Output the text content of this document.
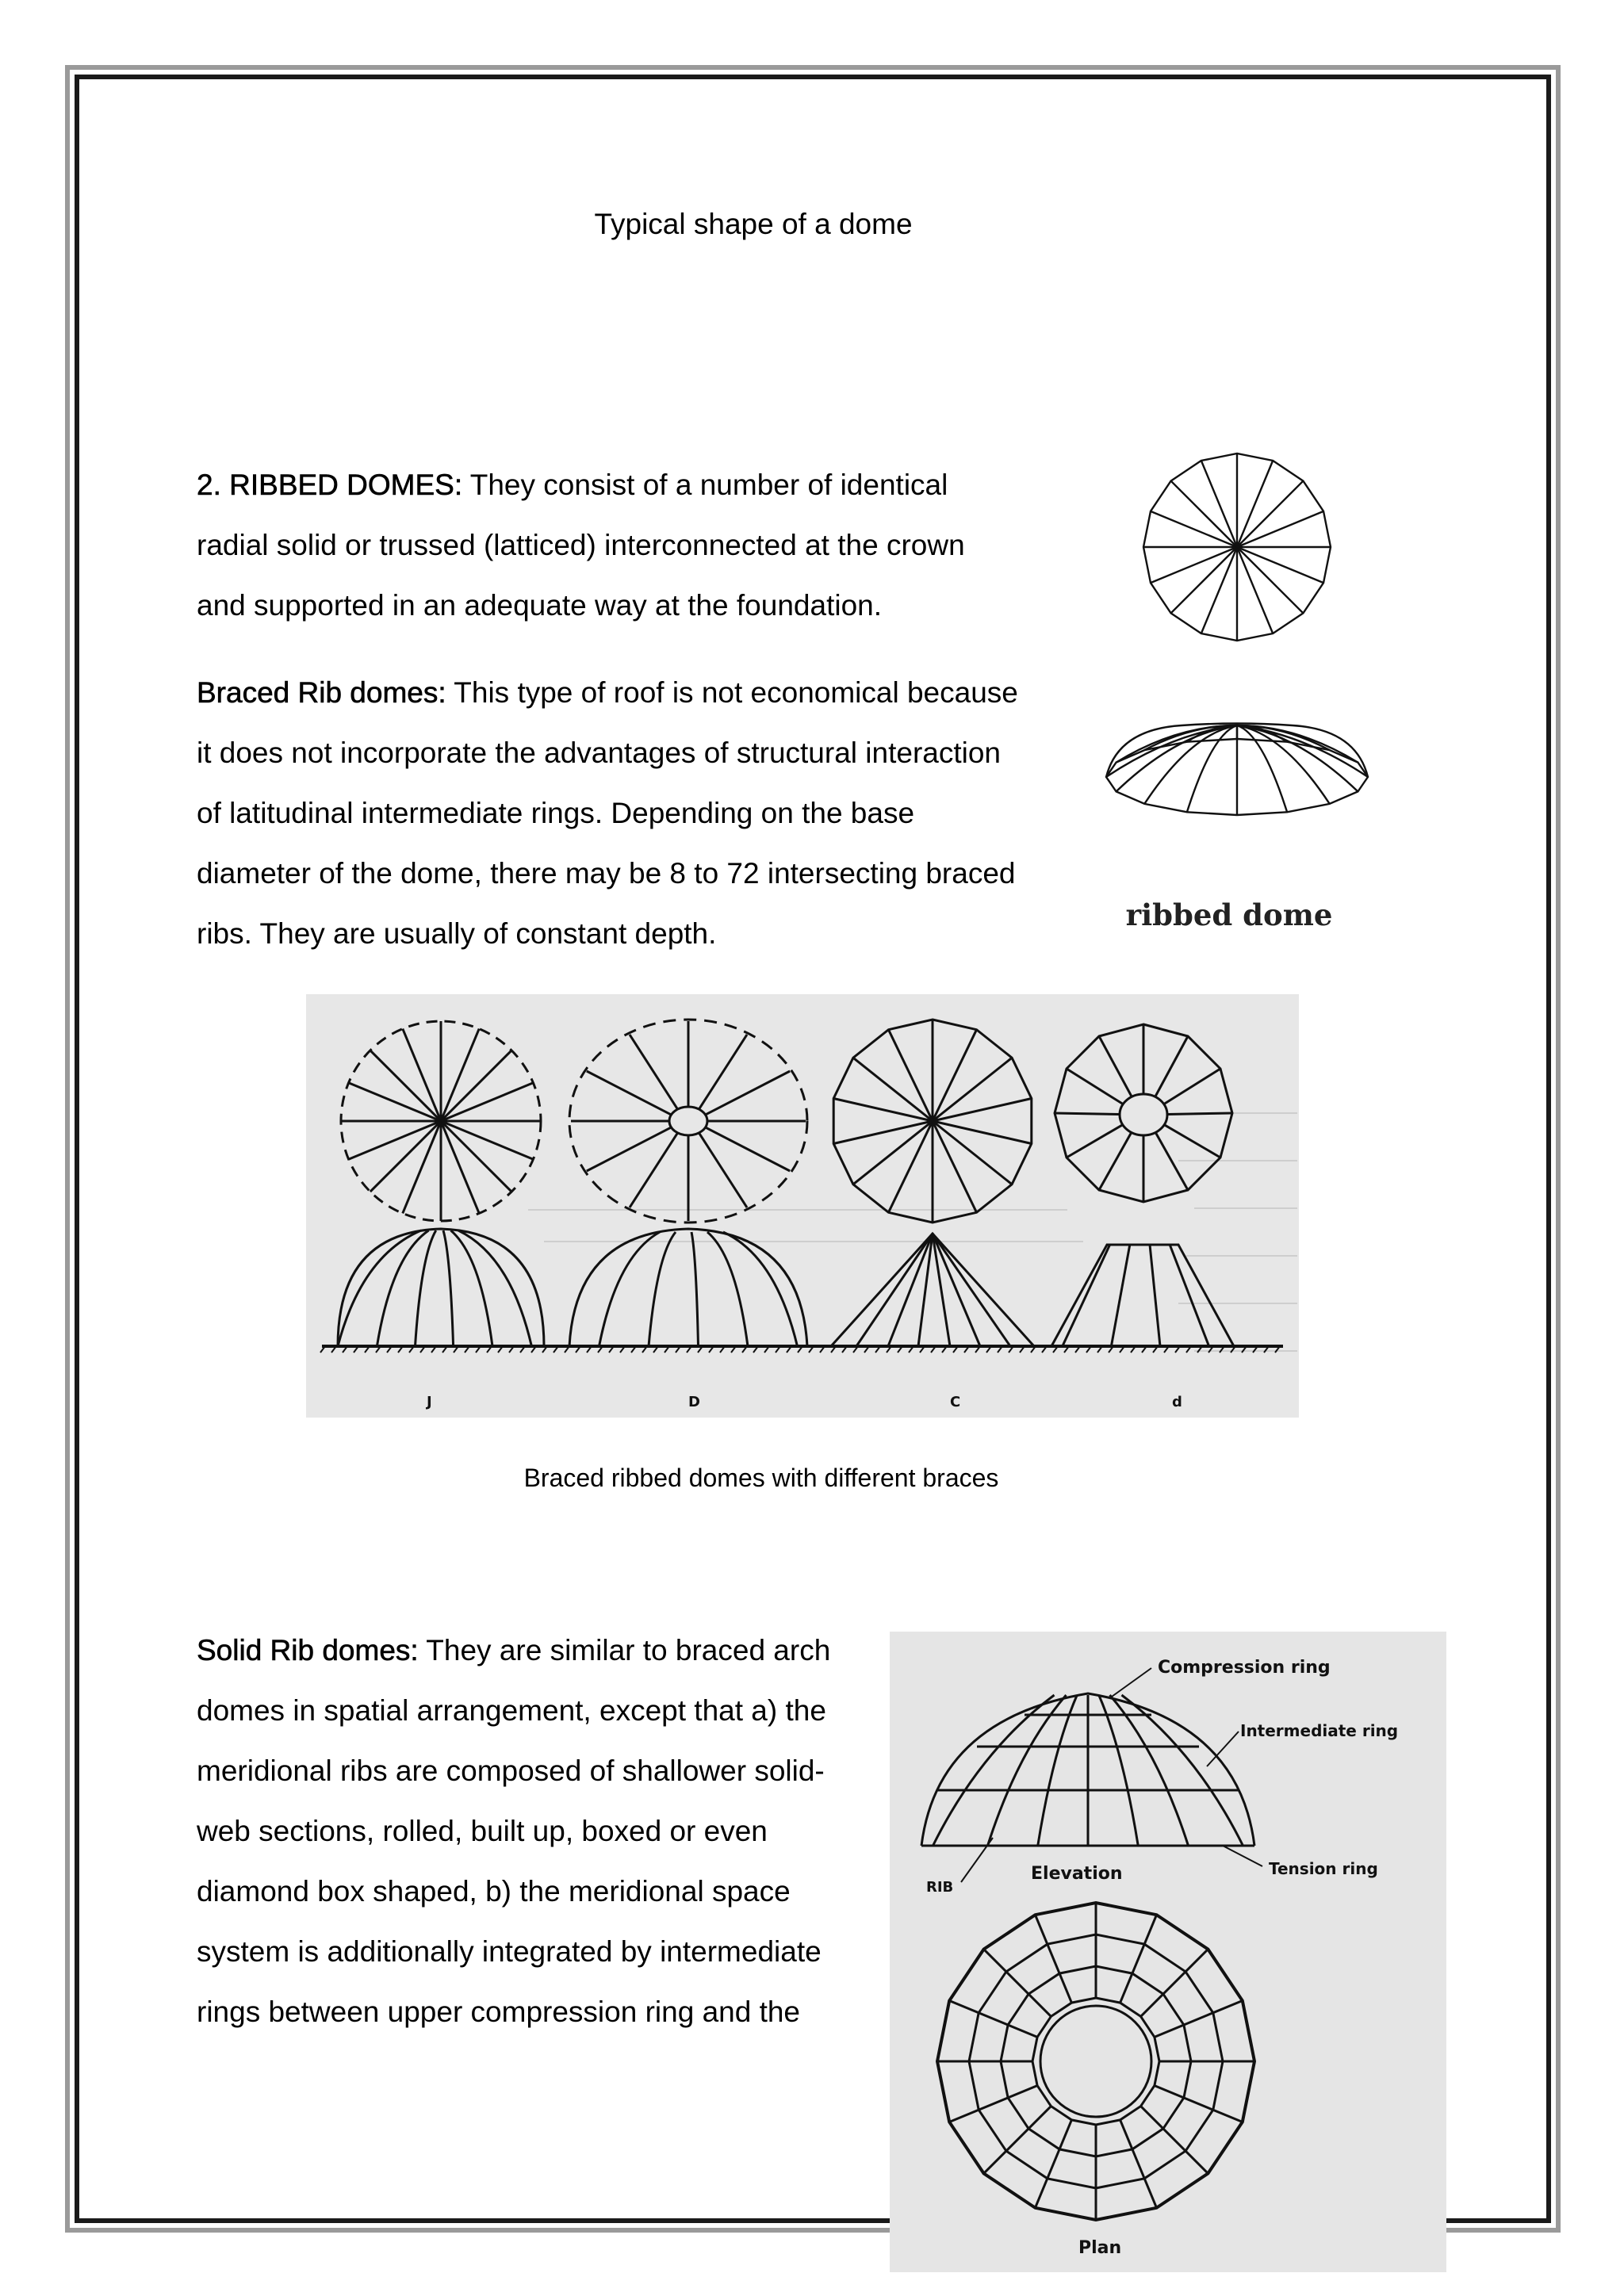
Typical shape of a dome

2. RIBBED DOMES: They consist of a number of identical radial solid or trussed (latticed) interconnected at the crown and supported in an adequate way at the foundation.

Braced Rib domes: This type of roof is not economical because it does not incorporate the advantages of structural interaction of latitudinal intermediate rings. Depending on the base diameter of the dome, there may be 8 to 72 intersecting braced ribs. They are usually of constant depth.

ribbed dome
J	D	C	d
Braced ribbed domes with different braces

Solid Rib domes: They are similar to braced arch domes in spatial arrangement, except that a) the meridional ribs are composed of shallower solid-web sections, rolled, built up, boxed or even diamond box shaped, b) the meridional space system is additionally integrated by intermediate rings between upper compression ring and the

Compression ring
Intermediate ring
Elevation	Tension ring
RIB
Plan
